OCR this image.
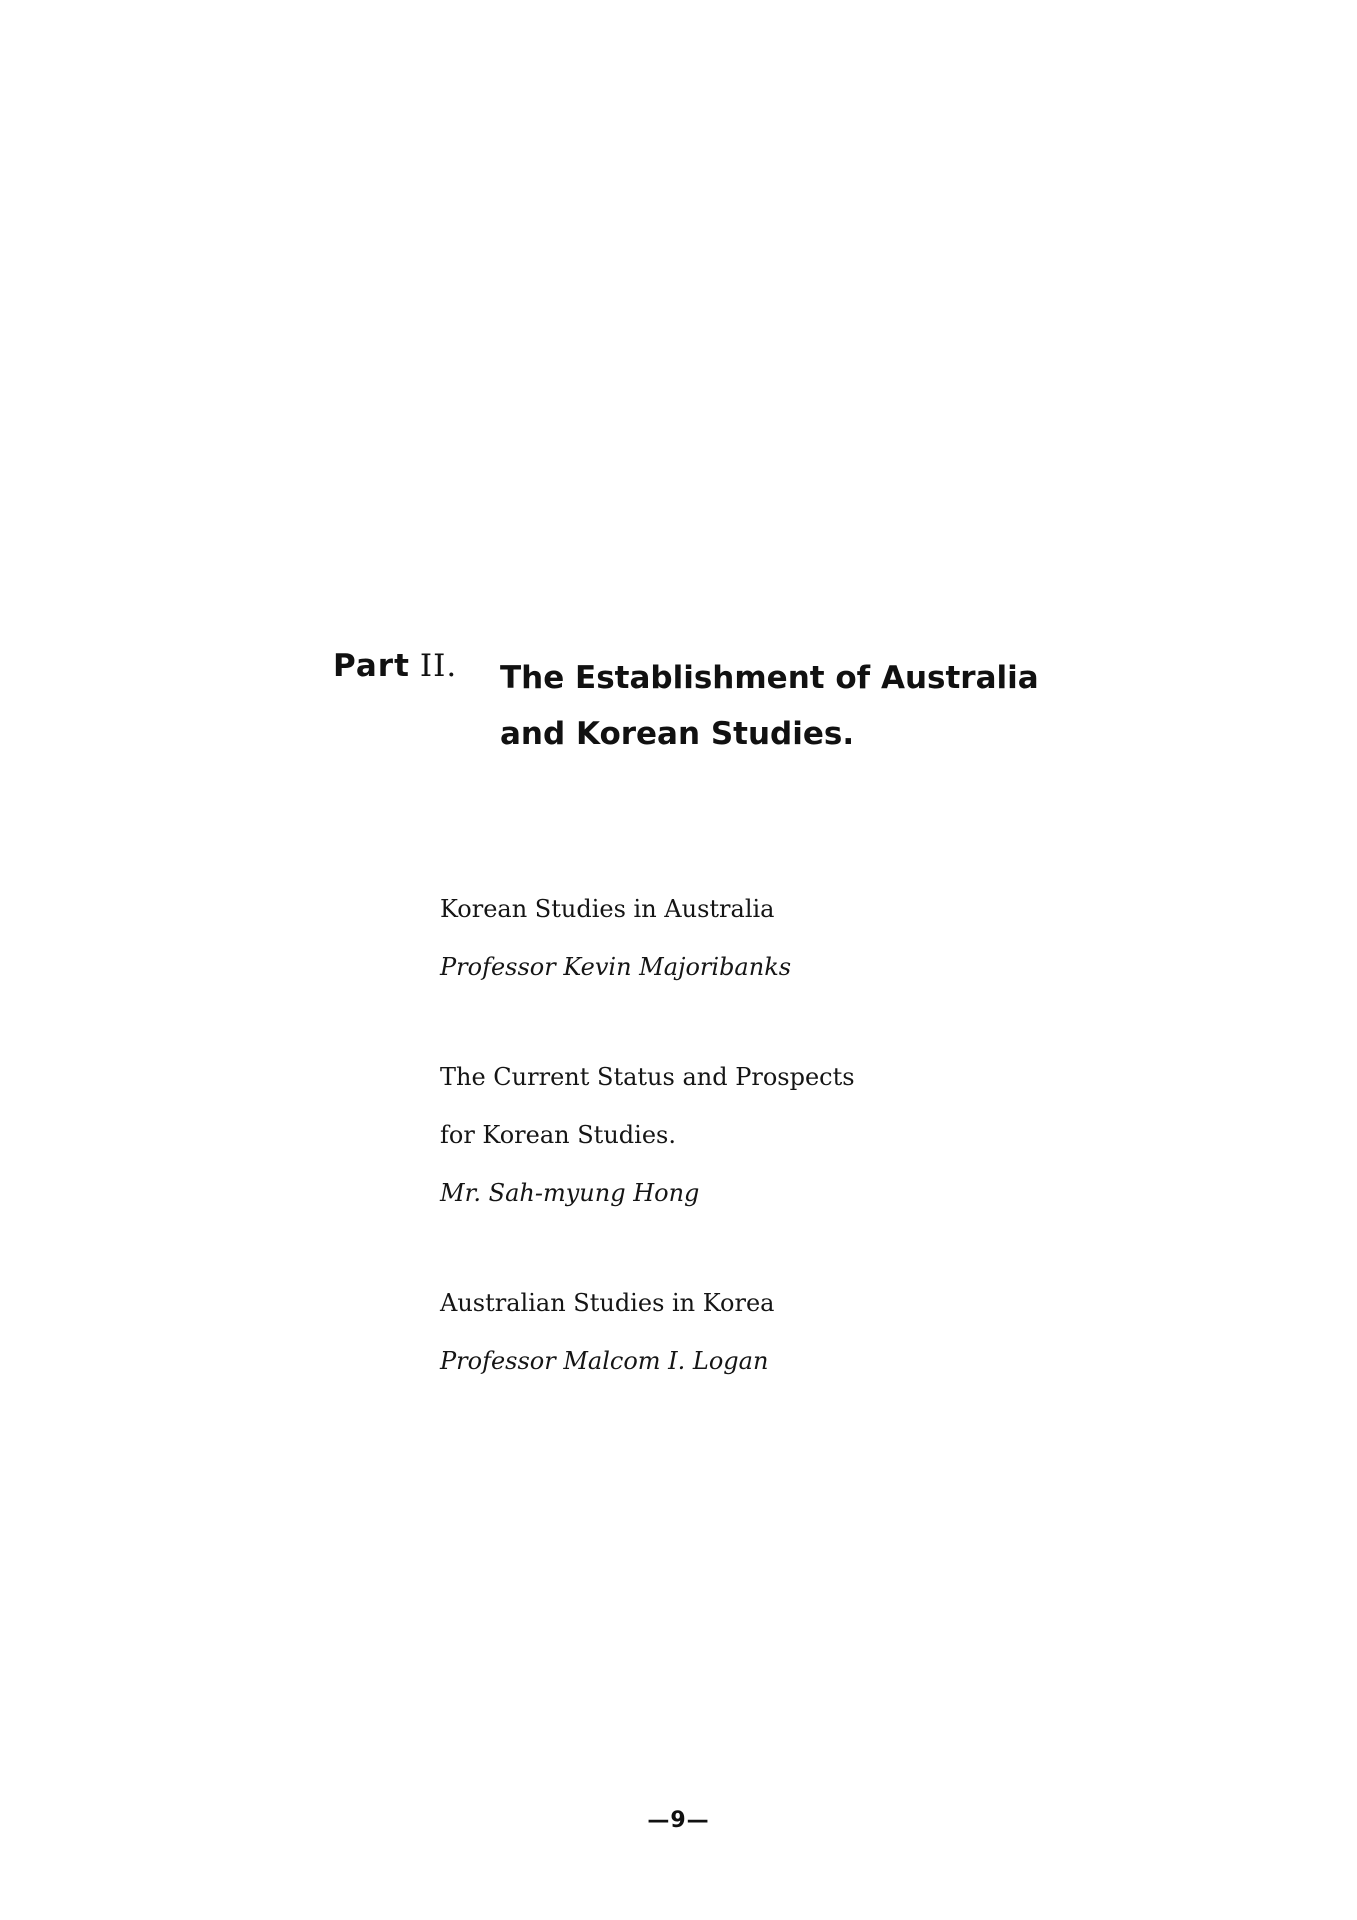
Part II. The Establishment of Australia
and Korean Studies.
Korean Studies in Australia
Professor Kevin Majoribanks
The Current Status and Prospects
for Korean Studies.
Mr. Sah-myung Hong
Australian Studies in Korea
Professor Malcom I. Logan
—9—
